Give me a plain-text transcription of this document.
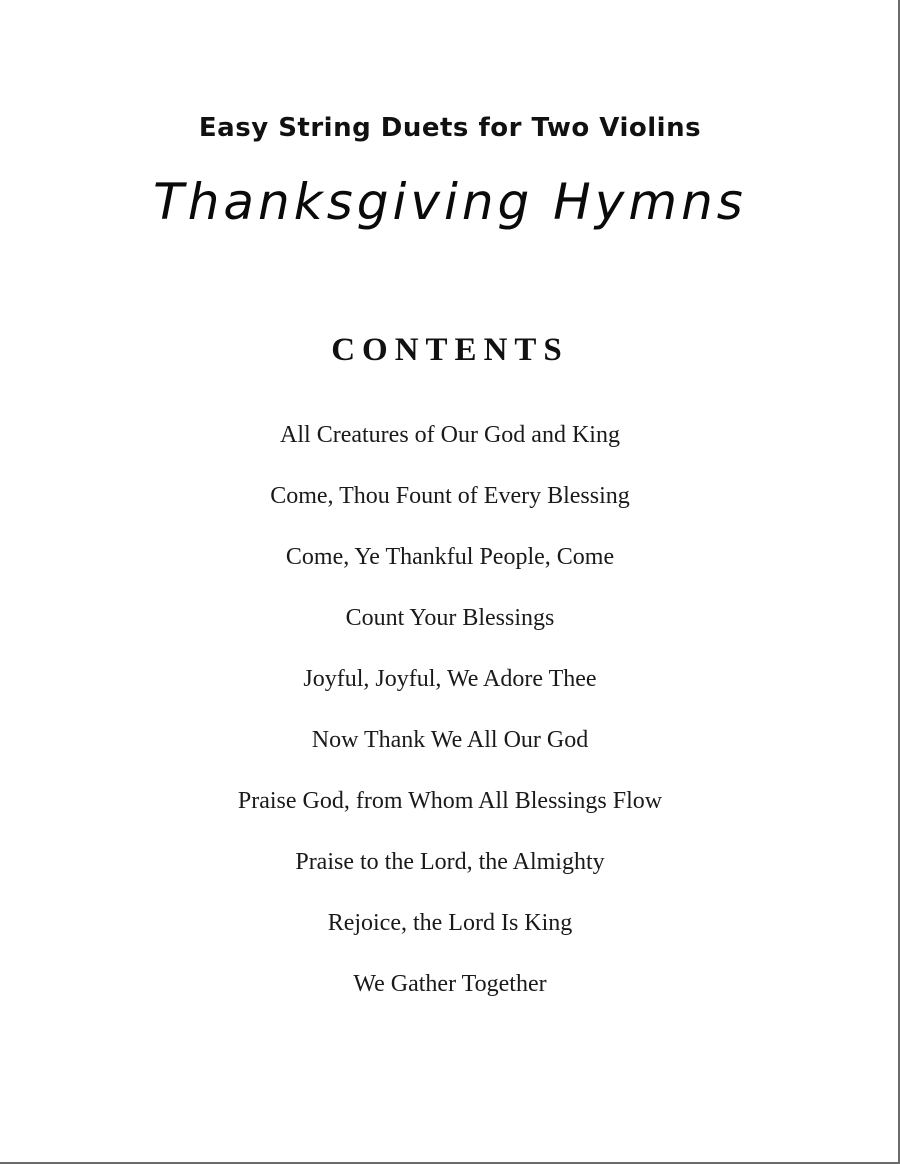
Easy String Duets for Two Violins
Thanksgiving Hymns
CONTENTS
All Creatures of Our God and King
Come, Thou Fount of Every Blessing
Come, Ye Thankful People, Come
Count Your Blessings
Joyful, Joyful, We Adore Thee
Now Thank We All Our God
Praise God, from Whom All Blessings Flow
Praise to the Lord, the Almighty
Rejoice, the Lord Is King
We Gather Together
